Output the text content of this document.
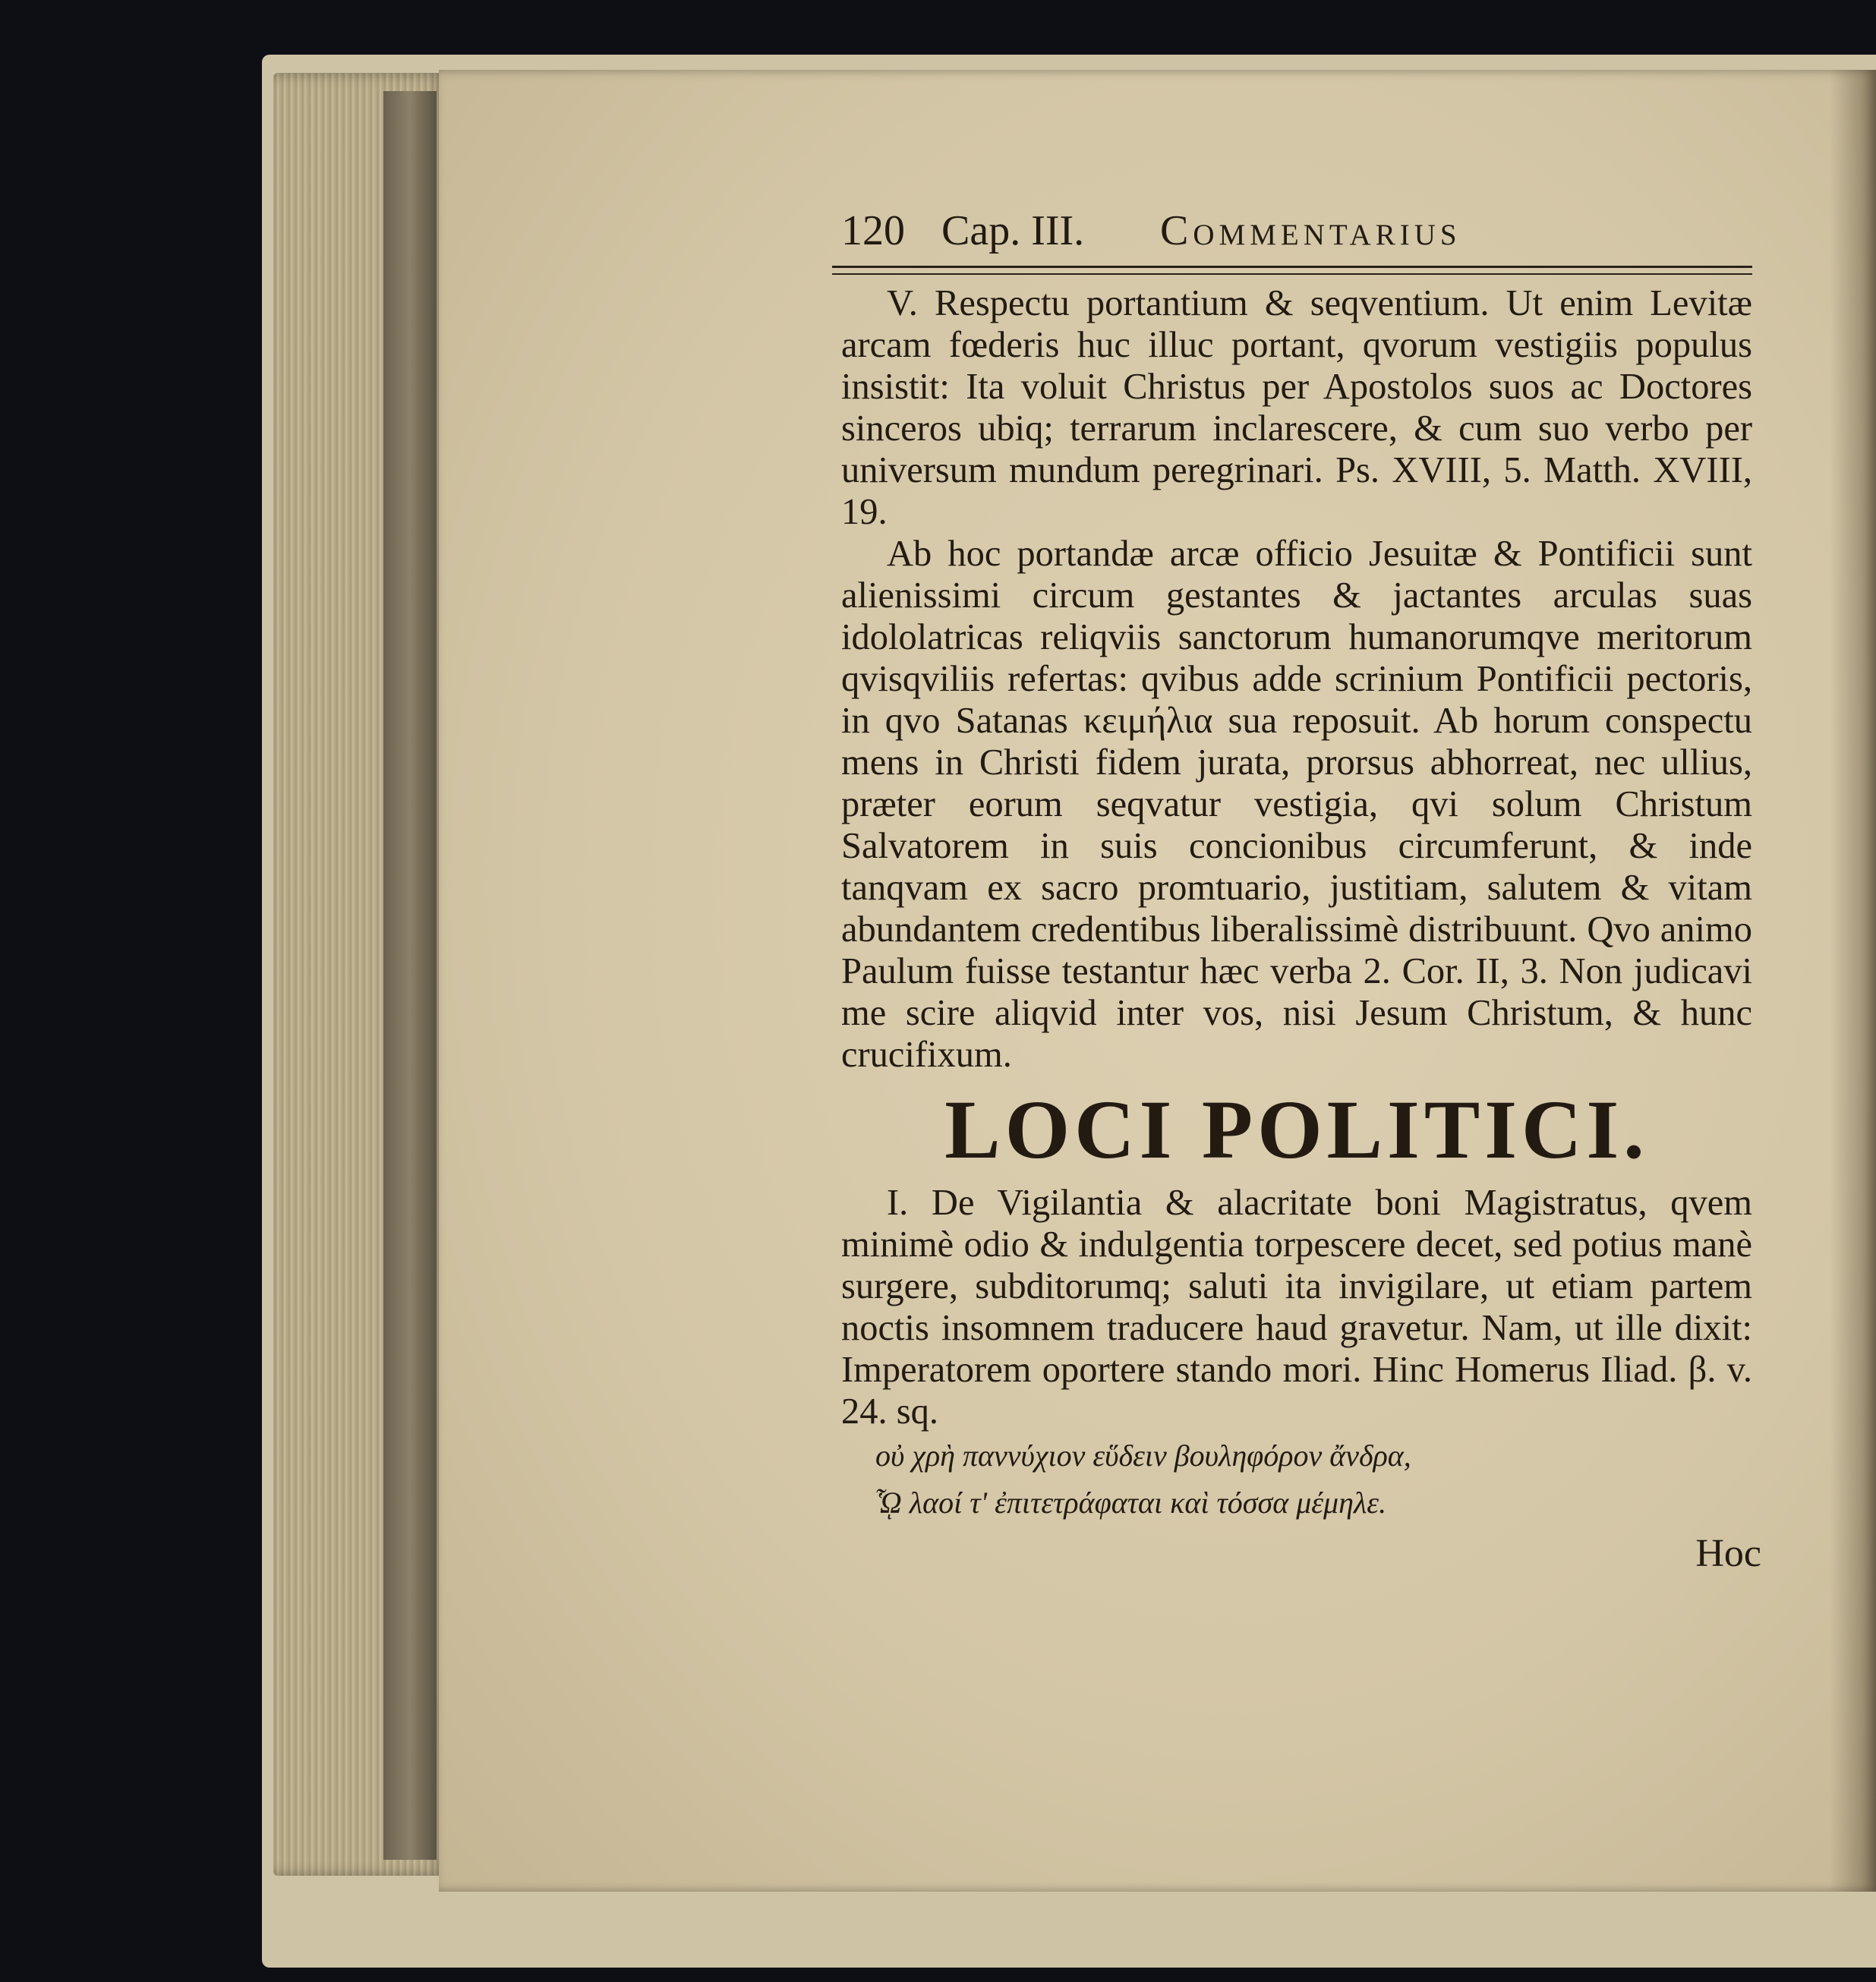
120 Cap. III. Commentarius

V. Respectu portantium & seqventium. Ut enim Levitæ arcam fœderis huc illuc portant, qvorum vestigiis populus insistit: Ita voluit Christus per Apostolos suos ac Doctores sinceros ubiq; terrarum inclarescere, & cum suo verbo per universum mundum peregrinari. Ps. XVIII, 5. Matth. XVIII, 19.

Ab hoc portandæ arcæ officio Jesuitæ & Pontificii sunt alienissimi circum gestantes & jactantes arculas suas idololatricas reliqviis sanctorum humanorumqve meritorum qvisqviliis refertas: qvibus adde scrinium Pontificii pectoris, in qvo Satanas κειμήλια sua reposuit. Ab horum conspectu mens in Christi fidem jurata, prorsus abhorreat, nec ullius, præter eorum seqvatur vestigia, qvi solum Christum Salvatorem in suis concionibus circumferunt, & inde tanqvam ex sacro promtuario, justitiam, salutem & vitam abundantem credentibus liberalissimè distribuunt. Qvo animo Paulum fuisse testantur hæc verba 2. Cor. II, 3. Non judicavi me scire aliqvid inter vos, nisi Jesum Christum, & hunc crucifixum.

LOCI POLITICI.

I. De Vigilantia & alacritate boni Magistratus, qvem minimè odio & indulgentia torpescere decet, sed potius manè surgere, subditorumq; saluti ita invigilare, ut etiam partem noctis insomnem traducere haud gravetur. Nam, ut ille dixit: Imperatorem oportere stando mori. Hinc Homerus Iliad. β. v. 24. sq.

οὐ χρὴ παννύχιον εὕδειν βουληφόρον ἄνδρα,
ᾯ λαοί τ' ἐπιτετράφαται καὶ τόσσα μέμηλε.
Hoc
